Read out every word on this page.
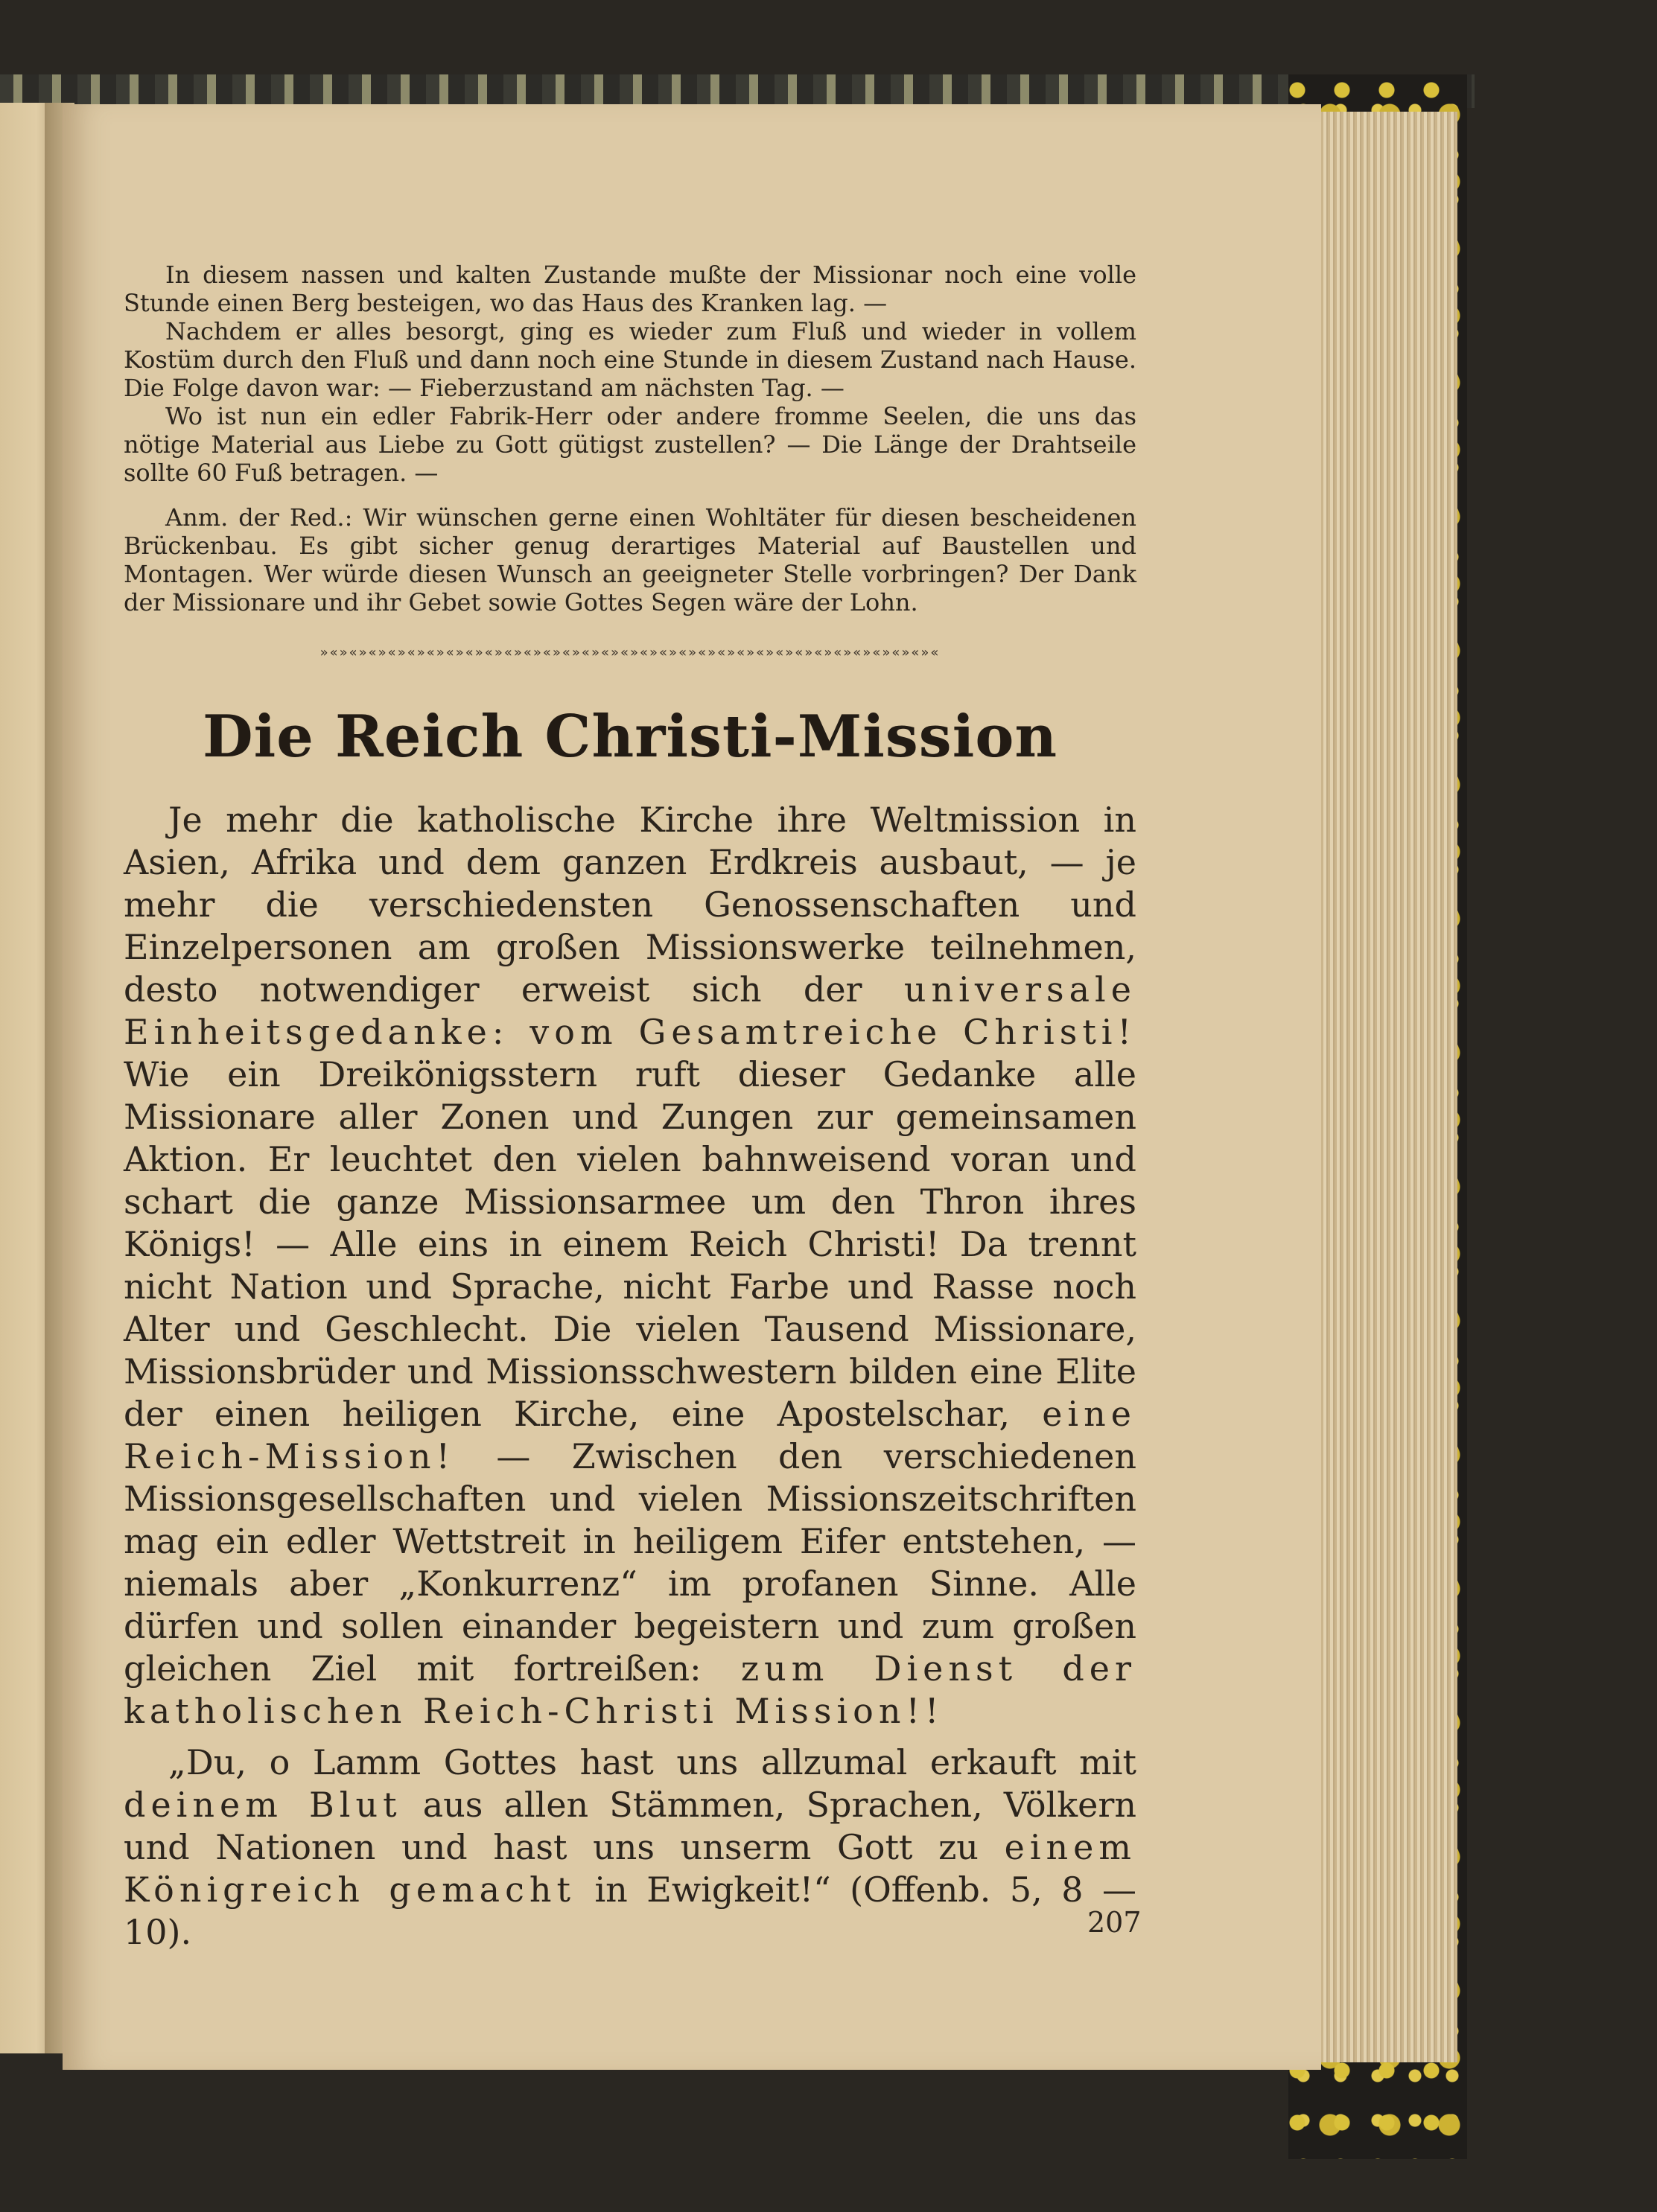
In diesem nassen und kalten Zustande mußte der Missionar noch eine volle Stunde einen Berg besteigen, wo das Haus des Kranken lag. —

Nachdem er alles besorgt, ging es wieder zum Fluß und wieder in vollem Kostüm durch den Fluß und dann noch eine Stunde in diesem Zustand nach Hause. Die Folge davon war: — Fieberzustand am nächsten Tag. —

Wo ist nun ein edler Fabrik-Herr oder andere fromme Seelen, die uns das nötige Material aus Liebe zu Gott gütigst zustellen? — Die Länge der Drahtseile sollte 60 Fuß betragen. —

Anm. der Red.: Wir wünschen gerne einen Wohltäter für diesen bescheidenen Brückenbau. Es gibt sicher genug derartiges Material auf Baustellen und Montagen. Wer würde diesen Wunsch an geeigneter Stelle vorbringen? Der Dank der Missionare und ihr Gebet sowie Gottes Segen wäre der Lohn.

»«»«»«»«»«»«»«»«»«»«»«»«»«»«»«»«»«»«»«»«»«»«»«»«»«»«»«»«»«»«»«»«
Die Reich Christi-Mission

Je mehr die katholische Kirche ihre Weltmission in Asien, Afrika und dem ganzen Erdkreis ausbaut, — je mehr die verschiedensten Genossenschaften und Einzelpersonen am großen Missionswerke teilnehmen, desto notwendiger erweist sich der universale Einheitsgedanke: vom Gesamtreiche Christi! Wie ein Dreikönigsstern ruft dieser Gedanke alle Missionare aller Zonen und Zungen zur gemeinsamen Aktion. Er leuchtet den vielen bahnweisend voran und schart die ganze Missionsarmee um den Thron ihres Königs! — Alle eins in einem Reich Christi! Da trennt nicht Nation und Sprache, nicht Farbe und Rasse noch Alter und Geschlecht. Die vielen Tausend Missionare, Missionsbrüder und Missionsschwestern bilden eine Elite der einen heiligen Kirche, eine Apostelschar, eine Reich-Mission! — Zwischen den verschiedenen Missionsgesellschaften und vielen Missionszeitschriften mag ein edler Wettstreit in heiligem Eifer entstehen, — niemals aber „Konkurrenz“ im profanen Sinne. Alle dürfen und sollen einander begeistern und zum großen gleichen Ziel mit fortreißen: zum Dienst der katholischen Reich-Christi Mission!!

„Du, o Lamm Gottes hast uns allzumal erkauft mit deinem Blut aus allen Stämmen, Sprachen, Völkern und Nationen und hast uns unserm Gott zu einem Königreich gemacht in Ewigkeit!“ (Offenb. 5, 8 — 10).	207
